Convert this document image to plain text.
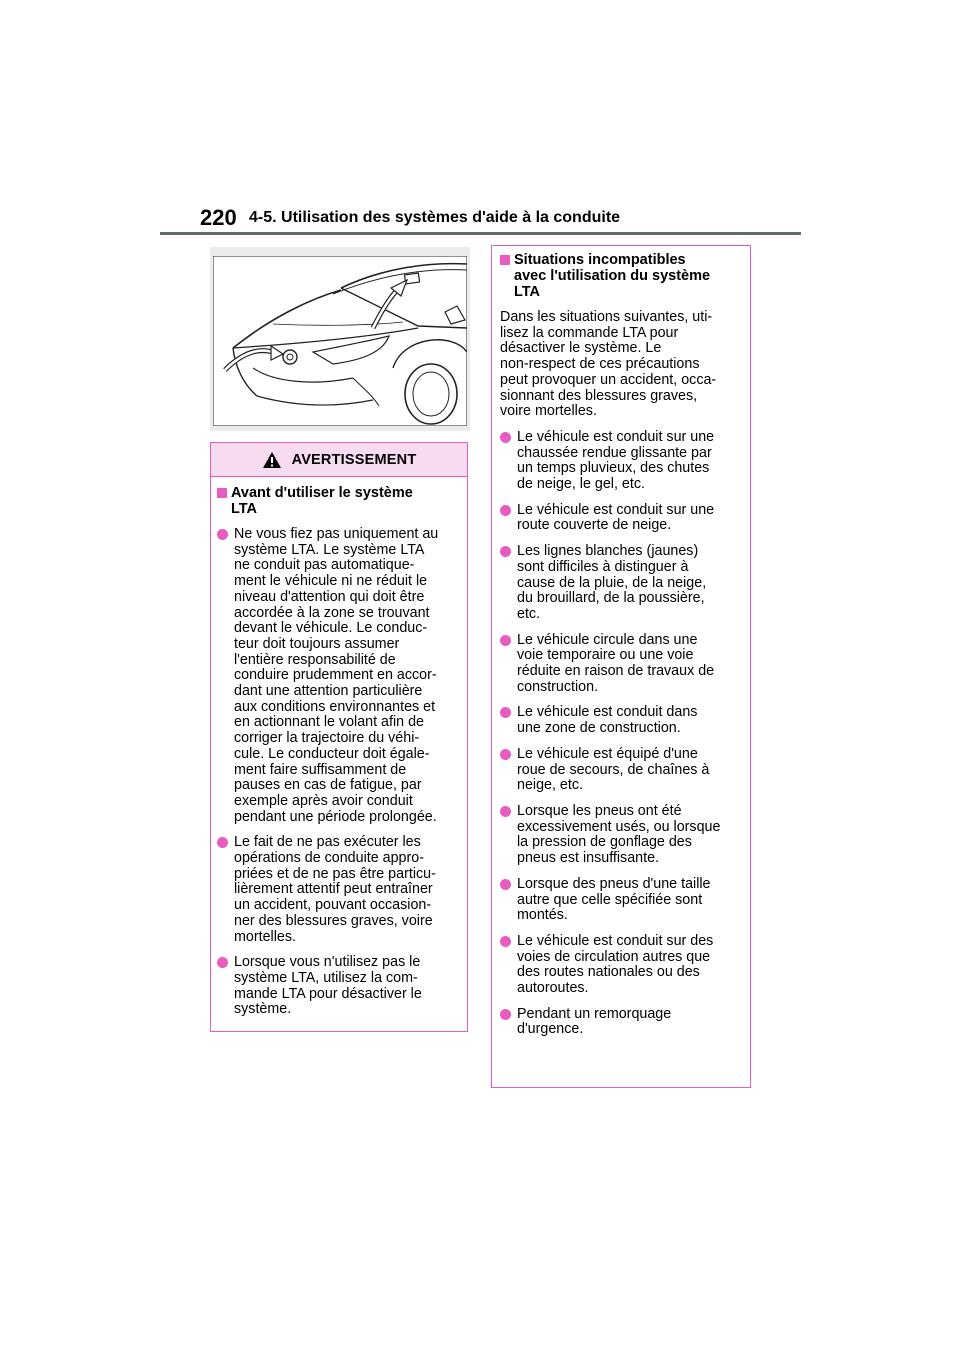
220 4-5. Utilisation des systèmes d'aide à la conduite
AVERTISSEMENT
Avant d'utiliser le système
LTA
Ne vous fiez pas uniquement au
système LTA. Le système LTA
ne conduit pas automatique-
ment le véhicule ni ne réduit le
niveau d'attention qui doit être
accordée à la zone se trouvant
devant le véhicule. Le conduc-
teur doit toujours assumer
l'entière responsabilité de
conduire prudemment en accor-
dant une attention particulière
aux conditions environnantes et
en actionnant le volant afin de
corriger la trajectoire du véhi-
cule. Le conducteur doit égale-
ment faire suffisamment de
pauses en cas de fatigue, par
exemple après avoir conduit
pendant une période prolongée.
Le fait de ne pas exécuter les
opérations de conduite appro-
priées et de ne pas être particu-
lièrement attentif peut entraîner
un accident, pouvant occasion-
ner des blessures graves, voire
mortelles.
Lorsque vous n'utilisez pas le
système LTA, utilisez la com-
mande LTA pour désactiver le
système.
Situations incompatibles
avec l'utilisation du système
LTA
Dans les situations suivantes, uti-
lisez la commande LTA pour
désactiver le système. Le
non-respect de ces précautions
peut provoquer un accident, occa-
sionnant des blessures graves,
voire mortelles.
Le véhicule est conduit sur une
chaussée rendue glissante par
un temps pluvieux, des chutes
de neige, le gel, etc.
Le véhicule est conduit sur une
route couverte de neige.
Les lignes blanches (jaunes)
sont difficiles à distinguer à
cause de la pluie, de la neige,
du brouillard, de la poussière,
etc.
Le véhicule circule dans une
voie temporaire ou une voie
réduite en raison de travaux de
construction.
Le véhicule est conduit dans
une zone de construction.
Le véhicule est équipé d'une
roue de secours, de chaînes à
neige, etc.
Lorsque les pneus ont été
excessivement usés, ou lorsque
la pression de gonflage des
pneus est insuffisante.
Lorsque des pneus d'une taille
autre que celle spécifiée sont
montés.
Le véhicule est conduit sur des
voies de circulation autres que
des routes nationales ou des
autoroutes.
Pendant un remorquage
d'urgence.
